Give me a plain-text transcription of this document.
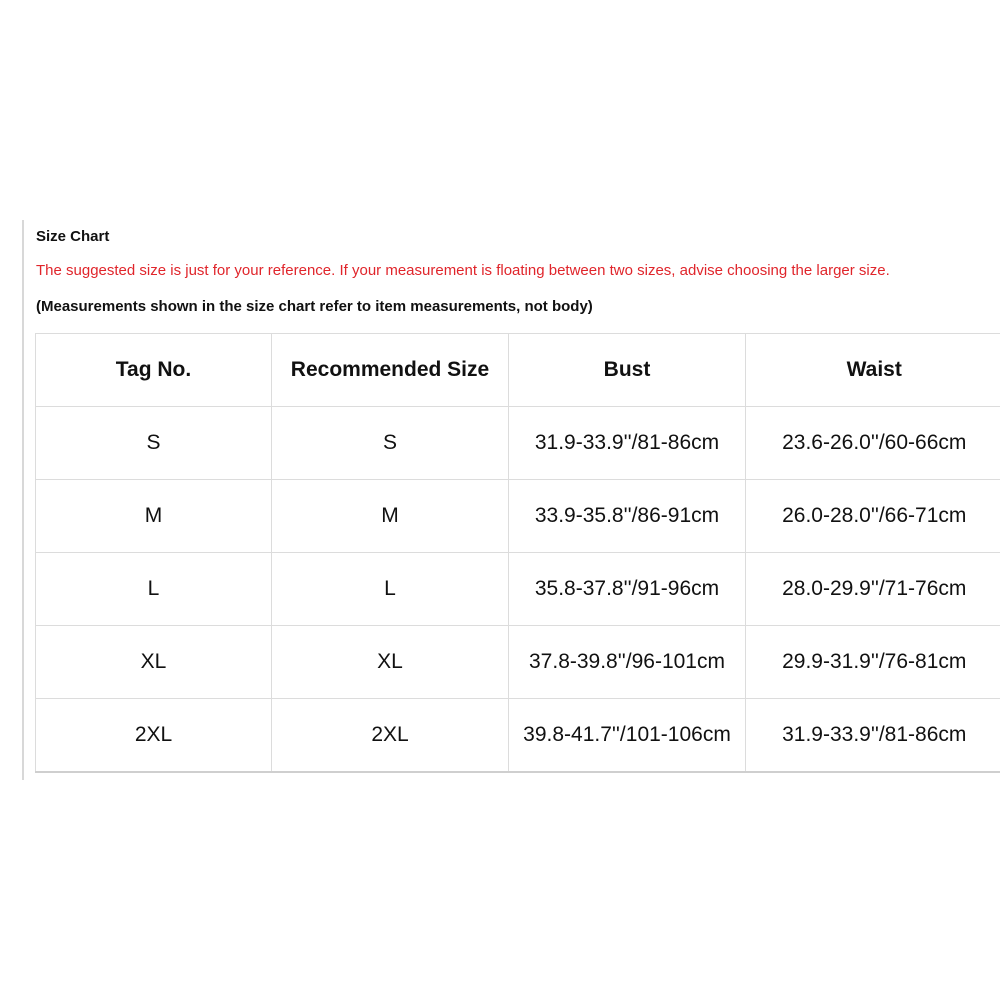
Size Chart
The suggested size is just for your reference. If your measurement is floating between two sizes, advise choosing the larger size.
(Measurements shown in the size chart refer to item measurements, not body)
Tag No.	Recommended Size	Bust	Waist
S	S	31.9-33.9''/81-86cm	23.6-26.0''/60-66cm
M	M	33.9-35.8''/86-91cm	26.0-28.0''/66-71cm
L	L	35.8-37.8''/91-96cm	28.0-29.9''/71-76cm
XL	XL	37.8-39.8''/96-101cm	29.9-31.9''/76-81cm
2XL	2XL	39.8-41.7''/101-106cm	31.9-33.9''/81-86cm
